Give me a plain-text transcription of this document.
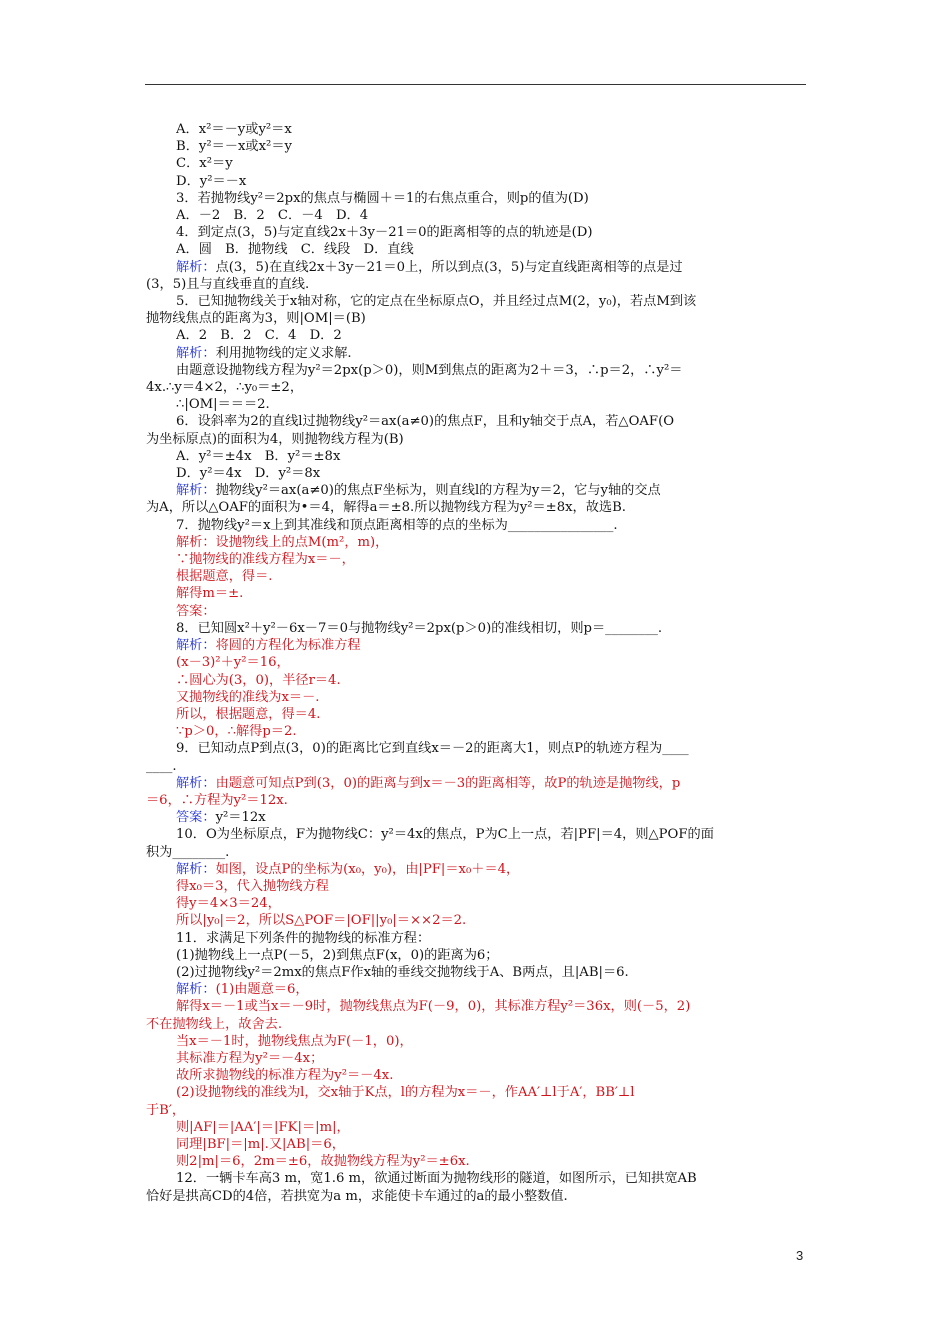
A．x²＝－y或y²＝x
B．y²＝－x或x²＝y
C．x²＝y
D．y²＝－x
3．若抛物线y²＝2px的焦点与椭圆＋＝1的右焦点重合，则p的值为(D)
A．－2　B．2　C．－4　D．4
4．到定点(3，5)与定直线2x＋3y－21＝0的距离相等的点的轨迹是(D)
A．圆　B．抛物线　C．线段　D．直线
解析：点(3，5)在直线2x＋3y－21＝0上，所以到点(3，5)与定直线距离相等的点是过
(3，5)且与直线垂直的直线.
5．已知抛物线关于x轴对称，它的定点在坐标原点O，并且经过点M(2，y₀)，若点M到该
抛物线焦点的距离为3，则|OM|＝(B)
A．2　B．2　C．4　D．2
解析：利用抛物线的定义求解.
由题意设抛物线方程为y²＝2px(p＞0)，则M到焦点的距离为2＋＝3，∴p＝2，∴y²＝
4x.∴y＝4×2，∴y₀＝±2，
∴|OM|＝＝＝2.
6．设斜率为2的直线l过抛物线y²＝ax(a≠0)的焦点F，且和y轴交于点A，若△OAF(O
为坐标原点)的面积为4，则抛物线方程为(B)
A．y²＝±4x　B．y²＝±8x
D．y²＝4x　D．y²＝8x
解析：抛物线y²＝ax(a≠0)的焦点F坐标为，则直线l的方程为y＝2，它与y轴的交点
为A，所以△OAF的面积为•＝4，解得a＝±8.所以抛物线方程为y²＝±8x，故选B.
7．抛物线y²＝x上到其准线和顶点距离相等的点的坐标为________________.
解析：设抛物线上的点M(m²，m)，
∵抛物线的准线方程为x＝－，
根据题意，得＝.
解得m＝±.
答案：
8．已知圆x²＋y²－6x－7＝0与抛物线y²＝2px(p＞0)的准线相切，则p＝________.
解析：将圆的方程化为标准方程
(x－3)²＋y²＝16，
∴圆心为(3，0)，半径r＝4.
又抛物线的准线为x＝－.
所以，根据题意，得＝4.
∵p＞0，∴解得p＝2.
9．已知动点P到点(3，0)的距离比它到直线x＝－2的距离大1，则点P的轨迹方程为____
____.
解析：由题意可知点P到(3，0)的距离与到x＝－3的距离相等，故P的轨迹是抛物线，p
＝6，∴方程为y²＝12x.
答案：y²＝12x
10．O为坐标原点，F为抛物线C：y²＝4x的焦点，P为C上一点，若|PF|＝4，则△POF的面
积为________.
解析：如图，设点P的坐标为(x₀，y₀)，由|PF|＝x₀＋＝4，
得x₀＝3，代入抛物线方程
得y＝4×3＝24，
所以|y₀|＝2，所以S△POF＝|OF||y₀|＝××2＝2.
11．求满足下列条件的抛物线的标准方程：
(1)抛物线上一点P(－5，2)到焦点F(x，0)的距离为6；
(2)过抛物线y²＝2mx的焦点F作x轴的垂线交抛物线于A、B两点，且|AB|＝6.
解析：(1)由题意＝6，
解得x＝－1或当x＝－9时，抛物线焦点为F(－9，0)，其标准方程y²＝36x，则(－5，2)
不在抛物线上，故舍去.
当x＝－1时，抛物线焦点为F(－1，0)，
其标准方程为y²＝－4x；
故所求抛物线的标准方程为y²＝－4x.
(2)设抛物线的准线为l，交x轴于K点，l的方程为x＝－，作AA′⊥l于A′，BB′⊥l
于B′，
则|AF|＝|AA′|＝|FK|＝|m|，
同理|BF|＝|m|.又|AB|＝6，
则2|m|＝6，2m＝±6，故抛物线方程为y²＝±6x.
12．一辆卡车高3 m，宽1.6 m，欲通过断面为抛物线形的隧道，如图所示，已知拱宽AB
恰好是拱高CD的4倍，若拱宽为a m，求能使卡车通过的a的最小整数值.
3
